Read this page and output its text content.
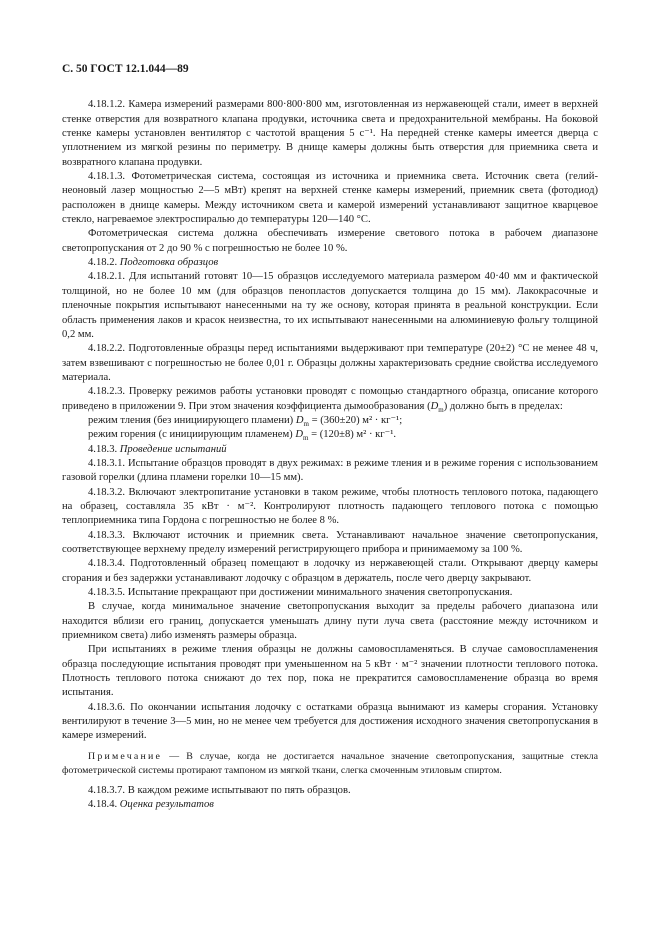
С. 50 ГОСТ 12.1.044—89

4.18.1.2. Камера измерений размерами 800·800·800 мм, изготовленная из нержавеющей стали, имеет в верхней стенке отверстия для возвратного клапана продувки, источника света и предохранительной мембраны. На боковой стенке камеры установлен вентилятор с частотой вращения 5 с⁻¹. На передней стенке камеры имеется дверца с уплотнением из мягкой резины по периметру. В днище камеры должны быть отверстия для приемника света и возвратного клапана продувки.

4.18.1.3. Фотометрическая система, состоящая из источника и приемника света. Источник света (гелий-неоновый лазер мощностью 2—5 мВт) крепят на верхней стенке камеры измерений, приемник света (фотодиод) расположен в днище камеры. Между источником света и камерой измерений устанавливают защитное кварцевое стекло, нагреваемое электроспиралью до температуры 120—140 °С.

Фотометрическая система должна обеспечивать измерение светового потока в рабочем диапазоне светопропускания от 2 до 90 % с погрешностью не более 10 %.

4.18.2. Подготовка образцов

4.18.2.1. Для испытаний готовят 10—15 образцов исследуемого материала размером 40·40 мм и фактической толщиной, но не более 10 мм (для образцов пенопластов допускается толщина до 15 мм). Лакокрасочные и пленочные покрытия испытывают нанесенными на ту же основу, которая принята в реальной конструкции. Если область применения лаков и красок неизвестна, то их испытывают нанесенными на алюминиевую фольгу толщиной 0,2 мм.

4.18.2.2. Подготовленные образцы перед испытаниями выдерживают при температуре (20±2) °С не менее 48 ч, затем взвешивают с погрешностью не более 0,01 г. Образцы должны характеризовать средние свойства исследуемого материала.

4.18.2.3. Проверку режимов работы установки проводят с помощью стандартного образца, описание которого приведено в приложении 9. При этом значения коэффициента дымообразования $(D_m)$ должно быть в пределах:

режим тления (без инициирующего пламени) $D_m = (360\pm 20) м^2 \cdot кг^{-1}$;
режим горения (с инициирующим пламенем) $D_m = (120\pm 8) м^2 \cdot кг^{-1}$.

4.18.3. Проведение испытаний

4.18.3.1. Испытание образцов проводят в двух режимах: в режиме тления и в режиме горения с использованием газовой горелки (длина пламени горелки 10—15 мм).

4.18.3.2. Включают электропитание установки в таком режиме, чтобы плотность теплового потока, падающего на образец, составляла 35 кВт · м⁻². Контролируют плотность падающего теплового потока с помощью теплоприемника типа Гордона с погрешностью не более 8 %.

4.18.3.3. Включают источник и приемник света. Устанавливают начальное значение светопропускания, соответствующее верхнему пределу измерений регистрирующего прибора и принимаемому за 100 %.

4.18.3.4. Подготовленный образец помещают в лодочку из нержавеющей стали. Открывают дверцу камеры сгорания и без задержки устанавливают лодочку с образцом в держатель, после чего дверцу закрывают.

4.18.3.5. Испытание прекращают при достижении минимального значения светопропускания.

В случае, когда минимальное значение светопропускания выходит за пределы рабочего диапазона или находится вблизи его границ, допускается уменьшать длину пути луча света (расстояние между источником и приемником света) либо изменять размеры образца.

При испытаниях в режиме тления образцы не должны самовоспламеняться. В случае самовоспламенения образца последующие испытания проводят при уменьшенном на 5 кВт · м⁻² значении плотности теплового потока. Плотность теплового потока снижают до тех пор, пока не прекратится самовоспламенение образца во время испытания.

4.18.3.6. По окончании испытания лодочку с остатками образца вынимают из камеры сгорания. Установку вентилируют в течение 3—5 мин, но не менее чем требуется для достижения исходного значения светопропускания в камере измерений.

Примечание — В случае, когда не достигается начальное значение светопропускания, защитные стекла фотометрической системы протирают тампоном из мягкой ткани, слегка смоченным этиловым спиртом.

4.18.3.7. В каждом режиме испытывают по пять образцов.

4.18.4. Оценка результатов
